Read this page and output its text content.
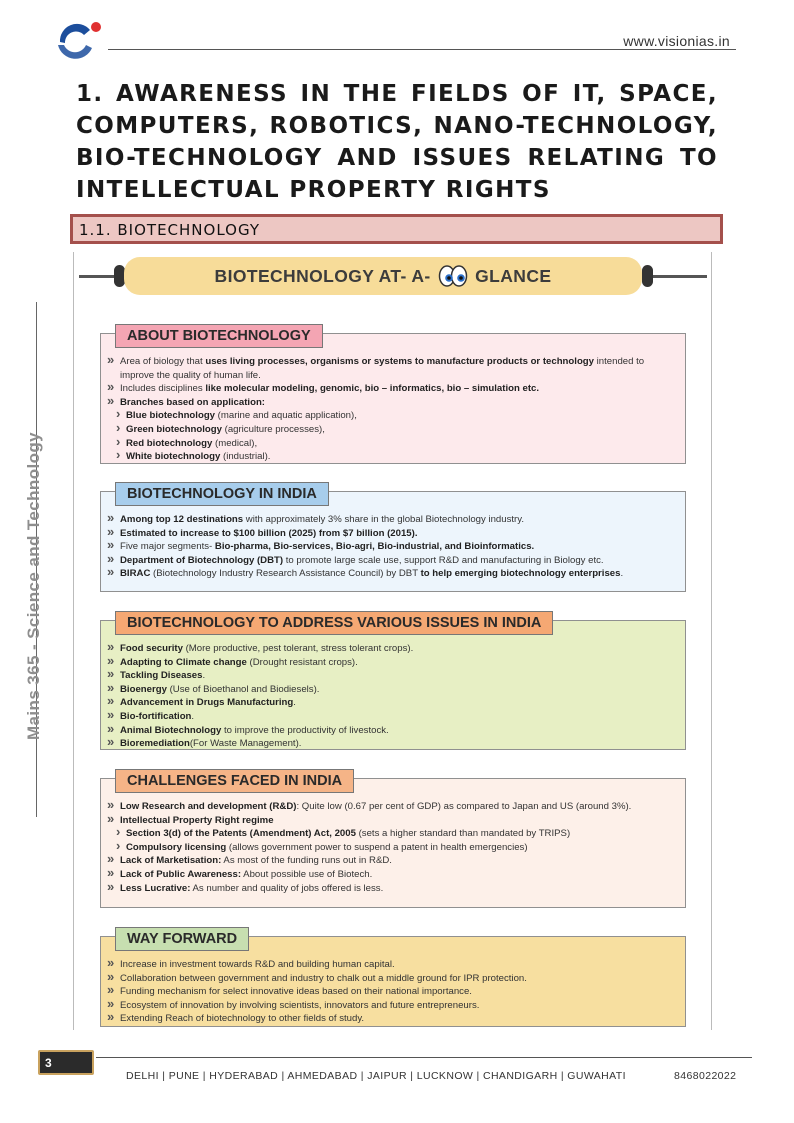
www.visionias.in
1. AWARENESS IN THE FIELDS OF IT, SPACE, COMPUTERS, ROBOTICS, NANO-TECHNOLOGY, BIO-TECHNOLOGY AND ISSUES RELATING TO INTELLECTUAL PROPERTY RIGHTS
1.1. BIOTECHNOLOGY
Mains 365 - Science and Technology
BIOTECHNOLOGY AT- A-	GLANCE
ABOUT BIOTECHNOLOGY
» Area of biology that uses living processes, organisms or systems to manufacture products or technology intended to improve the quality of human life.
» Includes disciplines like molecular modeling, genomic, bio – informatics, bio – simulation etc.
» Branches based on application:
› Blue biotechnology (marine and aquatic application),
› Green biotechnology (agriculture processes),
› Red biotechnology (medical),
› White biotechnology (industrial).
BIOTECHNOLOGY IN INDIA
» Among top 12 destinations with approximately 3% share in the global Biotechnology industry.
» Estimated to increase to $100 billion (2025) from $7 billion (2015).
» Five major segments- Bio-pharma, Bio-services, Bio-agri, Bio-industrial, and Bioinformatics.
» Department of Biotechnology (DBT) to promote large scale use, support R&D and manufacturing in Biology etc.
» BIRAC (Biotechnology Industry Research Assistance Council) by DBT to help emerging biotechnology enterprises.
BIOTECHNOLOGY TO ADDRESS VARIOUS ISSUES IN INDIA
» Food security (More productive, pest tolerant, stress tolerant crops).
» Adapting to Climate change (Drought resistant crops).
» Tackling Diseases.
» Bioenergy (Use of Bioethanol and Biodiesels).
» Advancement in Drugs Manufacturing.
» Bio-fortification.
» Animal Biotechnology to improve the productivity of livestock.
» Bioremediation(For Waste Management).
CHALLENGES FACED IN INDIA
» Low Research and development (R&D): Quite low (0.67 per cent of GDP) as compared to Japan and US (around 3%).
» Intellectual Property Right regime
› Section 3(d) of the Patents (Amendment) Act, 2005 (sets a higher standard than mandated by TRIPS)
› Compulsory licensing (allows government power to suspend a patent in health emergencies)
» Lack of Marketisation: As most of the funding runs out in R&D.
» Lack of Public Awareness: About possible use of Biotech.
» Less Lucrative: As number and quality of jobs offered is less.
WAY FORWARD
» Increase in investment towards R&D and building human capital.
» Collaboration between government and industry to chalk out a middle ground for IPR protection.
» Funding mechanism for select innovative ideas based on their national importance.
» Ecosystem of innovation by involving scientists, innovators and future entrepreneurs.
» Extending Reach of biotechnology to other fields of study.
3
DELHI | PUNE | HYDERABAD | AHMEDABAD | JAIPUR | LUCKNOW | CHANDIGARH | GUWAHATI	8468022022
